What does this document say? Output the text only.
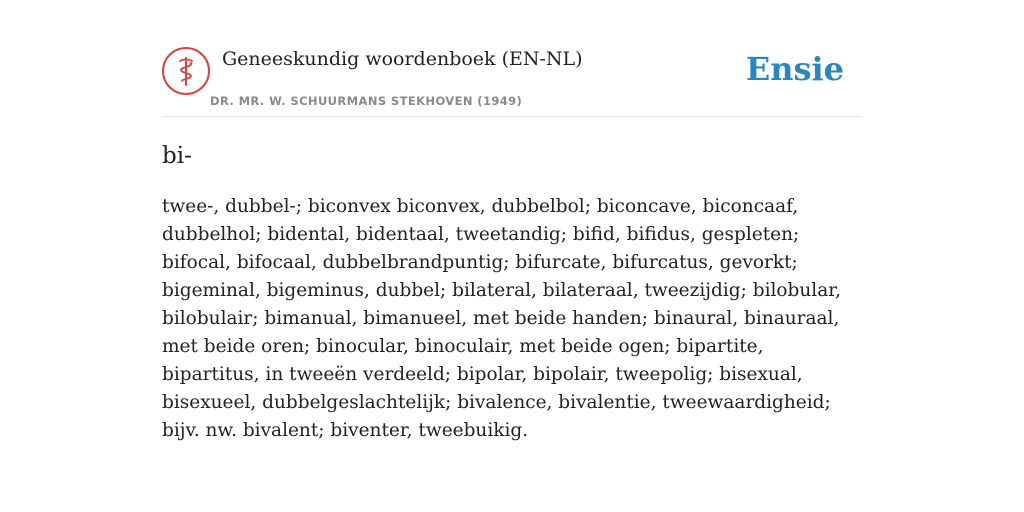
Geneeskundig woordenboek (EN-NL)
DR. MR. W. SCHUURMANS STEKHOVEN (1949)
Ensie
bi-
twee-, dubbel-; biconvex biconvex, dubbelbol; biconcave, biconcaaf, dubbelhol; bidental, bidentaal, tweetandig; bifid, bifidus, gespleten; bifocal, bifocaal, dubbelbrandpuntig; bifurcate, bifurcatus, gevorkt; bigeminal, bigeminus, dubbel; bilateral, bilateraal, tweezijdig; bilobular, bilobulair; bimanual, bimanueel, met beide handen; binaural, binauraal, met beide oren; binocular, binoculair, met beide ogen; bipartite, bipartitus, in tweeën verdeeld; bipolar, bipolair, tweepolig; bisexual, bisexueel, dubbelgeslachtelijk; bivalence, bivalentie, tweewaardigheid; bijv. nw. bivalent; biventer, tweebuikig.
